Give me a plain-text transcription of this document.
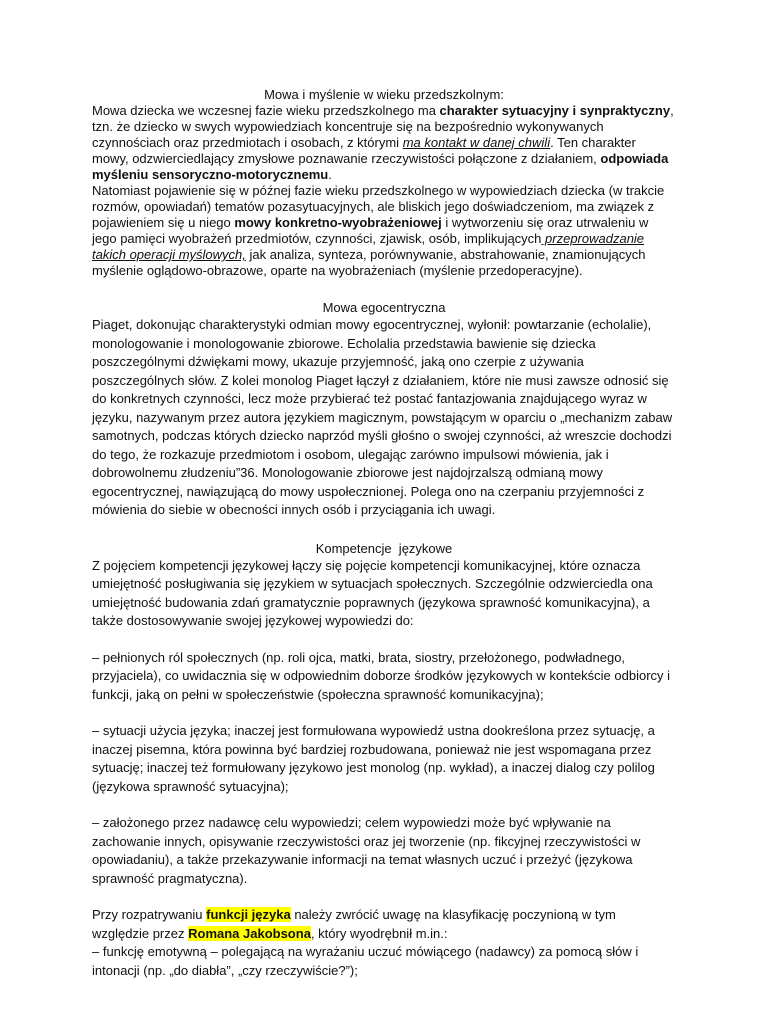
Mowa i myślenie w wieku przedszkolnym:

Mowa dziecka we wczesnej fazie wieku przedszkolnego ma charakter sytuacyjny i synpraktyczny, tzn. że dziecko w swych wypowiedziach koncentruje się na bezpośrednio wykonywanych czynnościach oraz przedmiotach i osobach, z którymi ma kontakt w danej chwili. Ten charakter mowy, odzwierciedlający zmysłowe poznawanie rzeczywistości połączone z działaniem, odpowiada myśleniu sensoryczno-motorycznemu.

Natomiast pojawienie się w późnej fazie wieku przedszkolnego w wypowiedziach dziecka (w trakcie rozmów, opowiadań) tematów pozasytuacyjnych, ale bliskich jego doświadczeniom, ma związek z pojawieniem się u niego mowy konkretno-wyobrażeniowej i wytworzeniu się oraz utrwaleniu w jego pamięci wyobrażeń przedmiotów, czynności, zjawisk, osób, implikujących przeprowadzanie takich operacji myślowych, jak analiza, synteza, porównywanie, abstrahowanie, znamionujących myślenie oglądowo-obrazowe, oparte na wyobrażeniach (myślenie przedoperacyjne).

Mowa egocentryczna

Piaget, dokonując charakterystyki odmian mowy egocentrycznej, wyłonił: powtarzanie (echolalie), monologowanie i monologowanie zbiorowe. Echolalia przedstawia bawienie się dziecka poszczególnymi dźwiękami mowy, ukazuje przyjemność, jaką ono czerpie z używania poszczególnych słów. Z kolei monolog Piaget łączył z działaniem, które nie musi zawsze odnosić się do konkretnych czynności, lecz może przybierać też postać fantazjowania znajdującego wyraz w języku, nazywanym przez autora językiem magicznym, powstającym w oparciu o „mechanizm zabaw samotnych, podczas których dziecko naprzód myśli głośno o swojej czynności, aż wreszcie dochodzi do tego, że rozkazuje przedmiotom i osobom, ulegając zarówno impulsowi mówienia, jak i dobrowolnemu złudzeniu”36. Monologowanie zbiorowe jest najdojrzalszą odmianą mowy egocentrycznej, nawiązującą do mowy uspołecznionej. Polega ono na czerpaniu przyjemności z mówienia do siebie w obecności innych osób i przyciągania ich uwagi.

Kompetencje  językowe

Z pojęciem kompetencji językowej łączy się pojęcie kompetencji komunikacyjnej, które oznacza umiejętność posługiwania się językiem w sytuacjach społecznych. Szczególnie odzwierciedla ona umiejętność budowania zdań gramatycznie poprawnych (językowa sprawność komunikacyjna), a także dostosowywanie swojej językowej wypowiedzi do:

– pełnionych ról społecznych (np. roli ojca, matki, brata, siostry, przełożonego, podwładnego, przyjaciela), co uwidacznia się w odpowiednim doborze środków językowych w kontekście odbiorcy i funkcji, jaką on pełni w społeczeństwie (społeczna sprawność komunikacyjna);

– sytuacji użycia języka; inaczej jest formułowana wypowiedź ustna dookreślona przez sytuację, a inaczej pisemna, która powinna być bardziej rozbudowana, ponieważ nie jest wspomagana przez sytuację; inaczej też formułowany językowo jest monolog (np. wykład), a inaczej dialog czy polilog (językowa sprawność sytuacyjna);

– założonego przez nadawcę celu wypowiedzi; celem wypowiedzi może być wpływanie na zachowanie innych, opisywanie rzeczywistości oraz jej tworzenie (np. fikcyjnej rzeczywistości w opowiadaniu), a także przekazywanie informacji na temat własnych uczuć i przeżyć (językowa sprawność pragmatyczna).

Przy rozpatrywaniu funkcji języka należy zwrócić uwagę na klasyfikację poczynioną w tym względzie przez Romana Jakobsona, który wyodrębnił m.in.:

– funkcję emotywną – polegającą na wyrażaniu uczuć mówiącego (nadawcy) za pomocą słów i intonacji (np. „do diabła”, „czy rzeczywiście?”);
